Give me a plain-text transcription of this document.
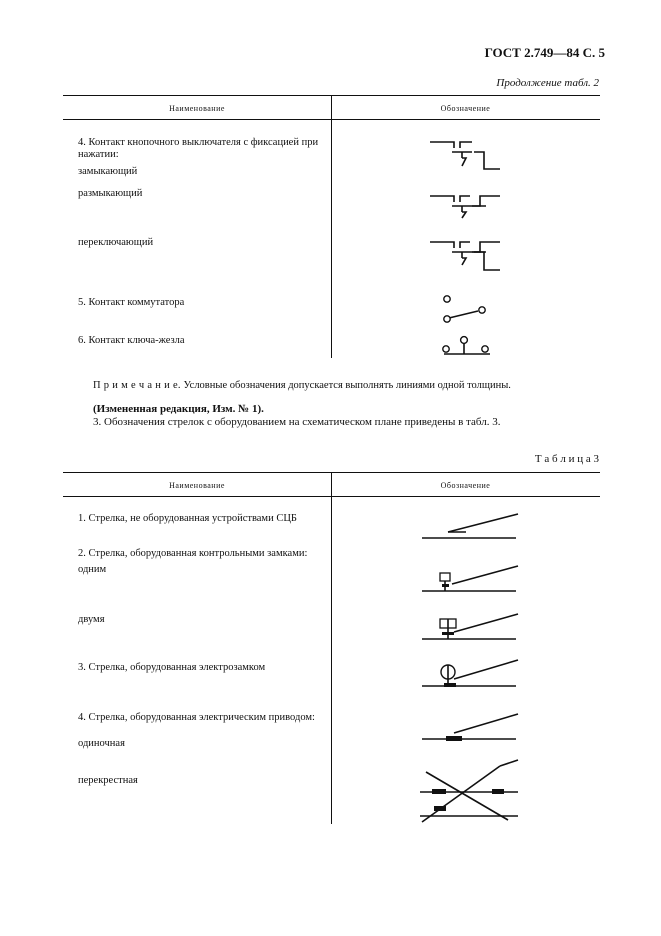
ГОСТ 2.749—84 С. 5
Продолжение табл. 2
Наименование	Обозначение
4. Контакт кнопочного выключателя с фиксацией при нажатии:
замыкающий
размыкающий
переключающий
5. Контакт коммутатора
6. Контакт ключа-жезла
П р и м е ч а н и е. Условные обозначения допускается выполнять линиями одной толщины.
(Измененная редакция, Изм. № 1).
3. Обозначения стрелок с оборудованием на схематическом плане приведены в табл. 3.
Т а б л и ц а 3
Наименование	Обозначение
1. Стрелка, не оборудованная устройствами СЦБ
2. Стрелка, оборудованная контрольными замками:
одним
двумя
3. Стрелка, оборудованная электрозамком
4. Стрелка, оборудованная электрическим приводом:
одиночная
перекрестная
